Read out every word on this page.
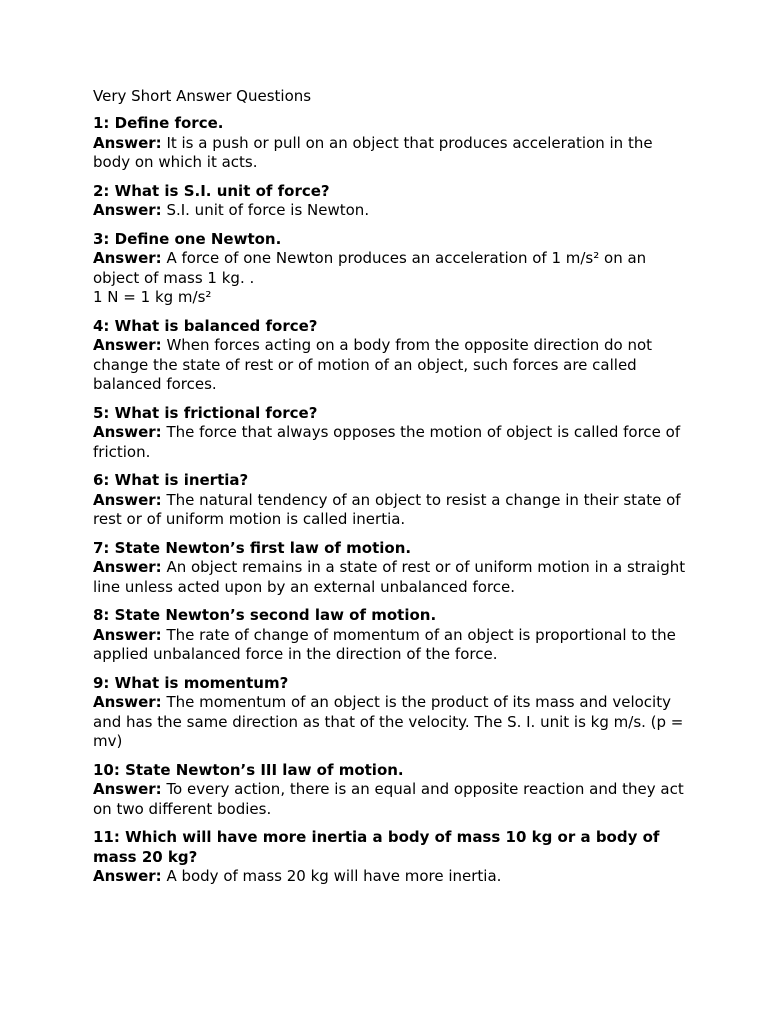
Very Short Answer Questions

1: Define force.

Answer: It is a push or pull on an object that produces acceleration in the body on which it acts.

2: What is S.I. unit of force?

Answer: S.I. unit of force is Newton.

3: Define one Newton.

Answer: A force of one Newton produces an acceleration of 1 m/s² on an object of mass 1 kg. .

1 N = 1 kg m/s²

4: What is balanced force?

Answer: When forces acting on a body from the opposite direction do not change the state of rest or of motion of an object, such forces are called balanced forces.

5: What is frictional force?

Answer: The force that always opposes the motion of object is called force of friction.

6: What is inertia?

Answer: The natural tendency of an object to resist a change in their state of rest or of uniform motion is called inertia.

7: State Newton’s first law of motion.

Answer: An object remains in a state of rest or of uniform motion in a straight line unless acted upon by an external unbalanced force.

8: State Newton’s second law of motion.

Answer: The rate of change of momentum of an object is proportional to the applied unbalanced force in the direction of the force.

9: What is momentum?

Answer: The momentum of an object is the product of its mass and velocity and has the same direction as that of the velocity. The S. I. unit is kg m/s. (p = mv)

10: State Newton’s III law of motion.

Answer: To every action, there is an equal and opposite reaction and they act on two different bodies.

11: Which will have more inertia a body of mass 10 kg or a body of mass 20 kg?

Answer: A body of mass 20 kg will have more inertia.
